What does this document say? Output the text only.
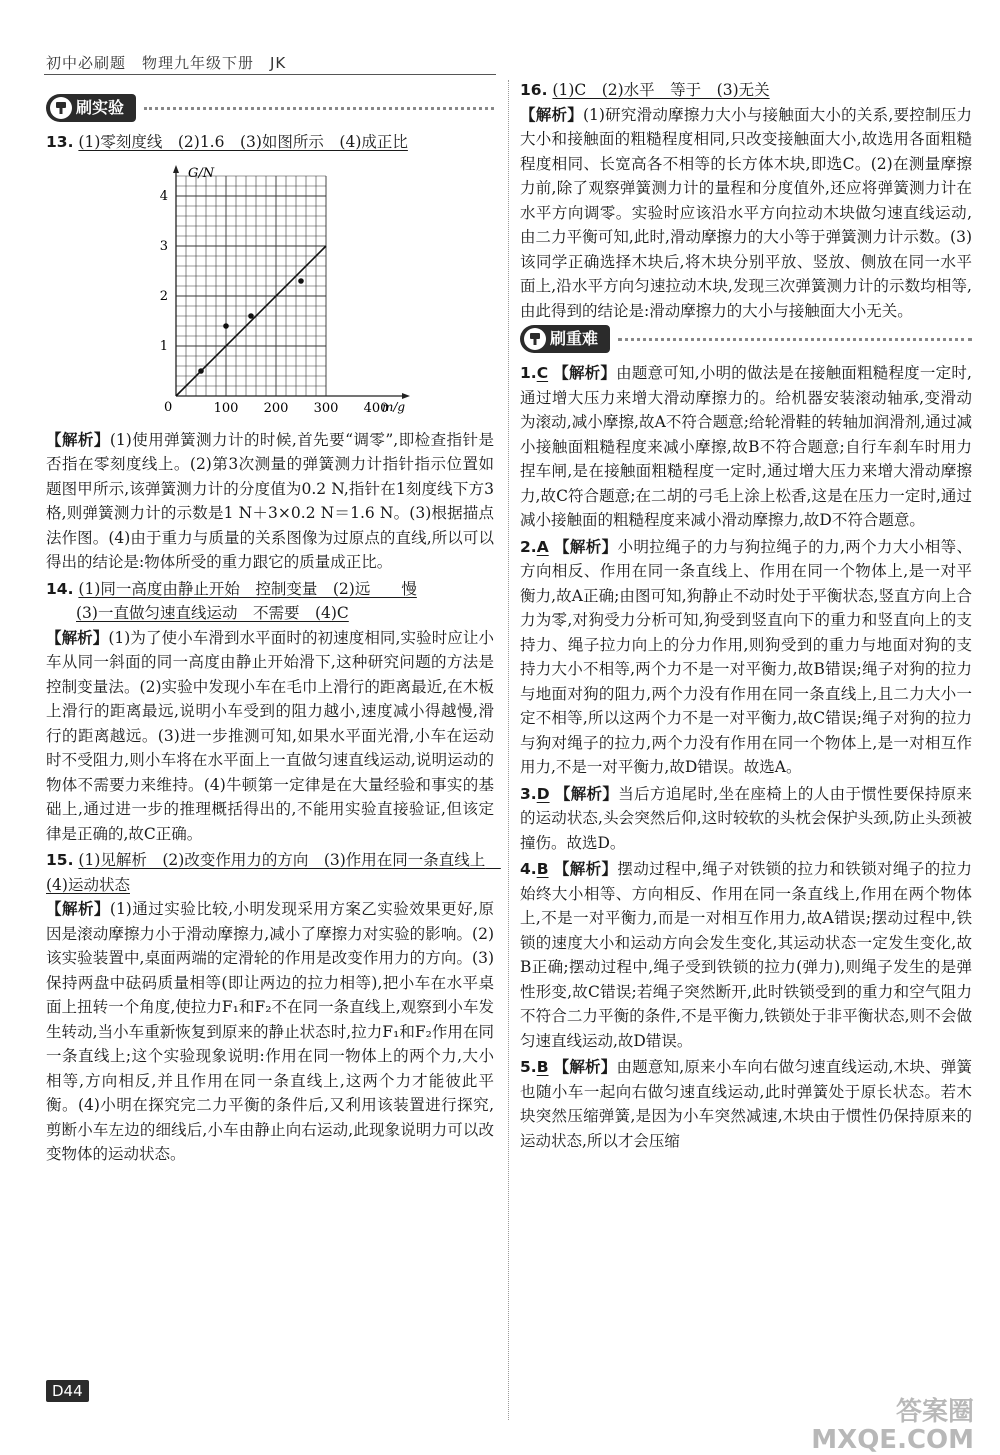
初中必刷题　物理九年级下册　JK
刷实验
13. (1)零刻度线　(2)1.6　(3)如图所示　(4)成正比
G/N
m/g
0	100 200 300 400
1
2
3
4

【解析】(1)使用弹簧测力计的时候,首先要“调零”,即检查指针是否指在零刻度线上。(2)第3次测量的弹簧测力计指针指示位置如题图甲所示,该弹簧测力计的分度值为0.2 N,指针在1刻度线下方3格,则弹簧测力计的示数是1 N＋3×0.2 N＝1.6 N。(3)根据描点法作图。(4)由于重力与质量的关系图像为过原点的直线,所以可以得出的结论是:物体所受的重力跟它的质量成正比。

14. (1)同一高度由静止开始　控制变量　(2)远　　慢
(3)一直做匀速直线运动　不需要　(4)C

【解析】(1)为了使小车滑到水平面时的初速度相同,实验时应让小车从同一斜面的同一高度由静止开始滑下,这种研究问题的方法是控制变量法。(2)实验中发现小车在毛巾上滑行的距离最近,在木板上滑行的距离最远,说明小车受到的阻力越小,速度减小得越慢,滑行的距离越远。(3)进一步推测可知,如果水平面光滑,小车在运动时不受阻力,则小车将在水平面上一直做匀速直线运动,说明运动的物体不需要力来维持。(4)牛顿第一定律是在大量经验和事实的基础上,通过进一步的推理概括得出的,不能用实验直接验证,但该定律是正确的,故C正确。

15. (1)见解析　(2)改变作用力的方向　(3)作用在同一条直线上　(4)运动状态

【解析】(1)通过实验比较,小明发现采用方案乙实验效果更好,原因是滚动摩擦力小于滑动摩擦力,减小了摩擦力对实验的影响。(2)该实验装置中,桌面两端的定滑轮的作用是改变作用力的方向。(3)保持两盘中砝码质量相等(即让两边的拉力相等),把小车在水平桌面上扭转一个角度,使拉力F₁和F₂不在同一条直线上,观察到小车发生转动,当小车重新恢复到原来的静止状态时,拉力F₁和F₂作用在同一条直线上;这个实验现象说明:作用在同一物体上的两个力,大小相等,方向相反,并且作用在同一条直线上,这两个力才能彼此平衡。(4)小明在探究完二力平衡的条件后,又利用该装置进行探究,剪断小车左边的细线后,小车由静止向右运动,此现象说明力可以改变物体的运动状态。

16. (1)C　(2)水平　等于　(3)无关

【解析】(1)研究滑动摩擦力大小与接触面大小的关系,要控制压力大小和接触面的粗糙程度相同,只改变接触面大小,故选用各面粗糙程度相同、长宽高各不相等的长方体木块,即选C。(2)在测量摩擦力前,除了观察弹簧测力计的量程和分度值外,还应将弹簧测力计在水平方向调零。实验时应该沿水平方向拉动木块做匀速直线运动,由二力平衡可知,此时,滑动摩擦力的大小等于弹簧测力计示数。(3)该同学正确选择木块后,将木块分别平放、竖放、侧放在同一水平面上,沿水平方向匀速拉动木块,发现三次弹簧测力计的示数均相等,由此得到的结论是:滑动摩擦力的大小与接触面大小无关。

刷重难

1.C 【解析】由题意可知,小明的做法是在接触面粗糙程度一定时,通过增大压力来增大滑动摩擦力的。给机器安装滚动轴承,变滑动为滚动,减小摩擦,故A不符合题意;给轮滑鞋的转轴加润滑剂,通过减小接触面粗糙程度来减小摩擦,故B不符合题意;自行车刹车时用力捏车闸,是在接触面粗糙程度一定时,通过增大压力来增大滑动摩擦力,故C符合题意;在二胡的弓毛上涂上松香,这是在压力一定时,通过减小接触面的粗糙程度来减小滑动摩擦力,故D不符合题意。

2.A 【解析】小明拉绳子的力与狗拉绳子的力,两个力大小相等、方向相反、作用在同一条直线上、作用在同一个物体上,是一对平衡力,故A正确;由图可知,狗静止不动时处于平衡状态,竖直方向上合力为零,对狗受力分析可知,狗受到竖直向下的重力和竖直向上的支持力、绳子拉力向上的分力作用,则狗受到的重力与地面对狗的支持力大小不相等,两个力不是一对平衡力,故B错误;绳子对狗的拉力与地面对狗的阻力,两个力没有作用在同一条直线上,且二力大小一定不相等,所以这两个力不是一对平衡力,故C错误;绳子对狗的拉力与狗对绳子的拉力,两个力没有作用在同一个物体上,是一对相互作用力,不是一对平衡力,故D错误。故选A。

3.D 【解析】当后方追尾时,坐在座椅上的人由于惯性要保持原来的运动状态,头会突然后仰,这时较软的头枕会保护头颈,防止头颈被撞伤。故选D。

4.B 【解析】摆动过程中,绳子对铁锁的拉力和铁锁对绳子的拉力始终大小相等、方向相反、作用在同一条直线上,作用在两个物体上,不是一对平衡力,而是一对相互作用力,故A错误;摆动过程中,铁锁的速度大小和运动方向会发生变化,其运动状态一定发生变化,故B正确;摆动过程中,绳子受到铁锁的拉力(弹力),则绳子发生的是弹性形变,故C错误;若绳子突然断开,此时铁锁受到的重力和空气阻力不符合二力平衡的条件,不是平衡力,铁锁处于非平衡状态,则不会做匀速直线运动,故D错误。

5.B 【解析】由题意知,原来小车向右做匀速直线运动,木块、弹簧也随小车一起向右做匀速直线运动,此时弹簧处于原长状态。若木块突然压缩弹簧,是因为小车突然减速,木块由于惯性仍保持原来的运动状态,所以才会压缩

D44
答案圈
MXQE.COM
